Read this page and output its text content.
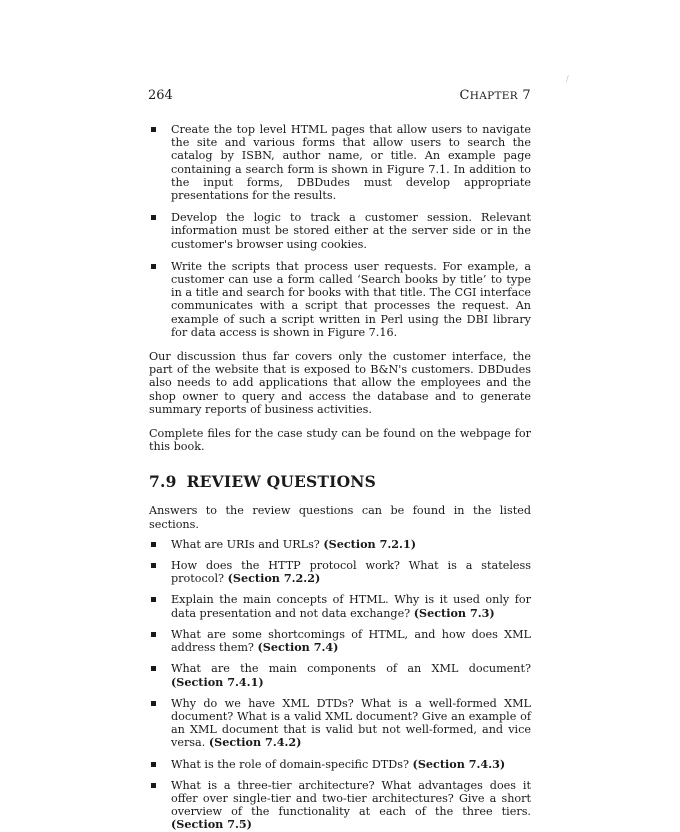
264	CHAPTER 7
/
Create the top level HTML pages that allow users to navigate the site and various forms that allow users to search the catalog by ISBN, author name, or title. An example page containing a search form is shown in Figure 7.1. In addition to the input forms, DBDudes must develop appropriate presentations for the results.
Develop the logic to track a customer session. Relevant information must be stored either at the server side or in the customer's browser using cookies.
Write the scripts that process user requests. For example, a customer can use a form called ‘Search books by title’ to type in a title and search for books with that title. The CGI interface communicates with a script that processes the request. An example of such a script written in Perl using the DBI library for data access is shown in Figure 7.16.

Our discussion thus far covers only the customer interface, the part of the website that is exposed to B&N's customers. DBDudes also needs to add applications that allow the employees and the shop owner to query and access the database and to generate summary reports of business activities.

Complete files for the case study can be found on the webpage for this book.

7.9 REVIEW QUESTIONS

Answers to the review questions can be found in the listed sections.

What are URIs and URLs? (Section 7.2.1)
How does the HTTP protocol work? What is a stateless protocol? (Section 7.2.2)
Explain the main concepts of HTML. Why is it used only for data presentation and not data exchange? (Section 7.3)
What are some shortcomings of HTML, and how does XML address them? (Section 7.4)
What are the main components of an XML document? (Section 7.4.1)
Why do we have XML DTDs? What is a well-formed XML document? What is a valid XML document? Give an example of an XML document that is valid but not well-formed, and vice versa. (Section 7.4.2)
What is the role of domain-specific DTDs? (Section 7.4.3)
What is a three-tier architecture? What advantages does it offer over single-tier and two-tier architectures? Give a short overview of the functionality at each of the three tiers. (Section 7.5)
